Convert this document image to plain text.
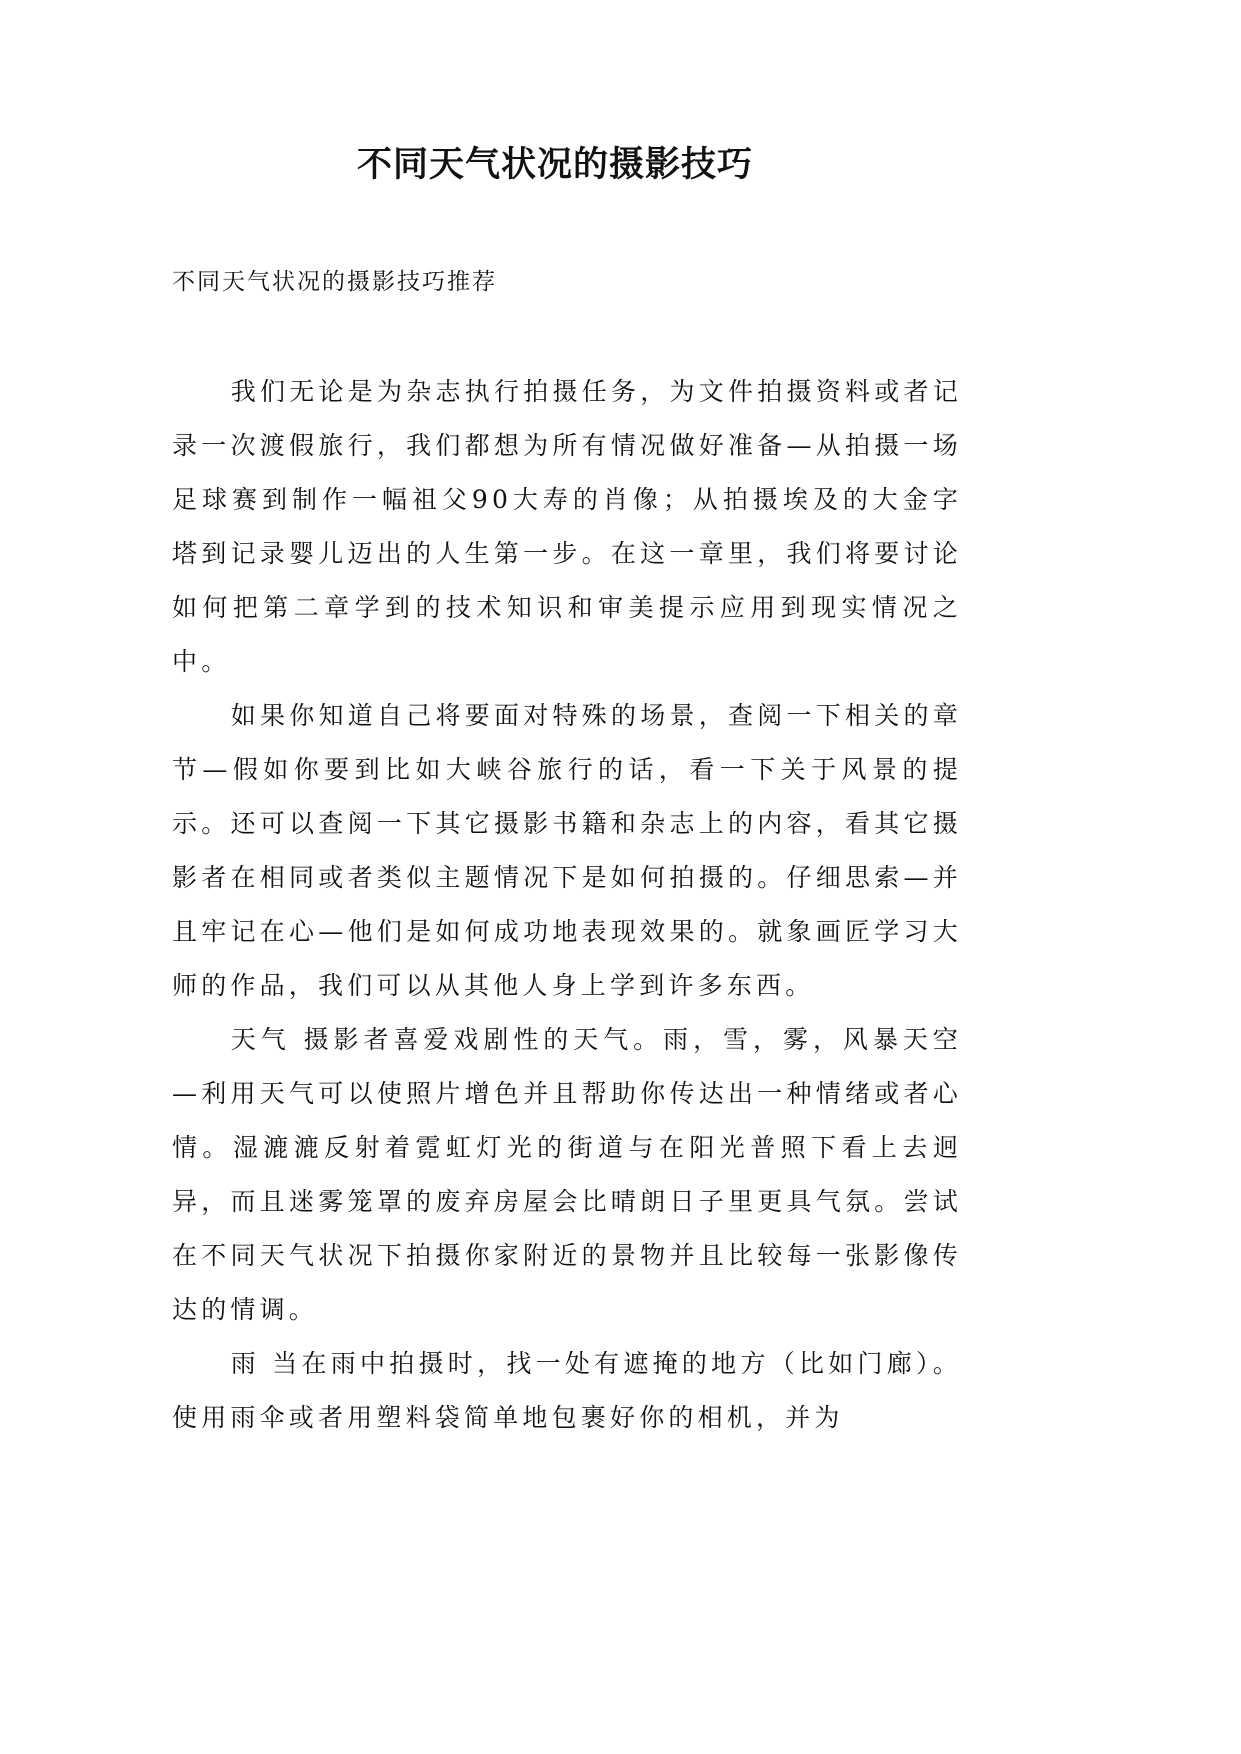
不同天气状况的摄影技巧

不同天气状况的摄影技巧推荐

我们无论是为杂志执行拍摄任务，为文件拍摄资料或者记录一次渡假旅行，我们都想为所有情况做好准备—从拍摄一场足球赛到制作一幅祖父90大寿的肖像；从拍摄埃及的大金字塔到记录婴儿迈出的人生第一步。在这一章里，我们将要讨论如何把第二章学到的技术知识和审美提示应用到现实情况之中。

如果你知道自己将要面对特殊的场景，查阅一下相关的章节—假如你要到比如大峡谷旅行的话，看一下关于风景的提示。还可以查阅一下其它摄影书籍和杂志上的内容，看其它摄影者在相同或者类似主题情况下是如何拍摄的。仔细思索—并且牢记在心—他们是如何成功地表现效果的。就象画匠学习大师的作品，我们可以从其他人身上学到许多东西。

天气 摄影者喜爱戏剧性的天气。雨，雪，雾，风暴天空—利用天气可以使照片增色并且帮助你传达出一种情绪或者心情。湿漉漉反射着霓虹灯光的街道与在阳光普照下看上去迥异，而且迷雾笼罩的废弃房屋会比晴朗日子里更具气氛。尝试在不同天气状况下拍摄你家附近的景物并且比较每一张影像传达的情调。

雨 当在雨中拍摄时，找一处有遮掩的地方（比如门廊）。使用雨伞或者用塑料袋简单地包裹好你的相机，并为
